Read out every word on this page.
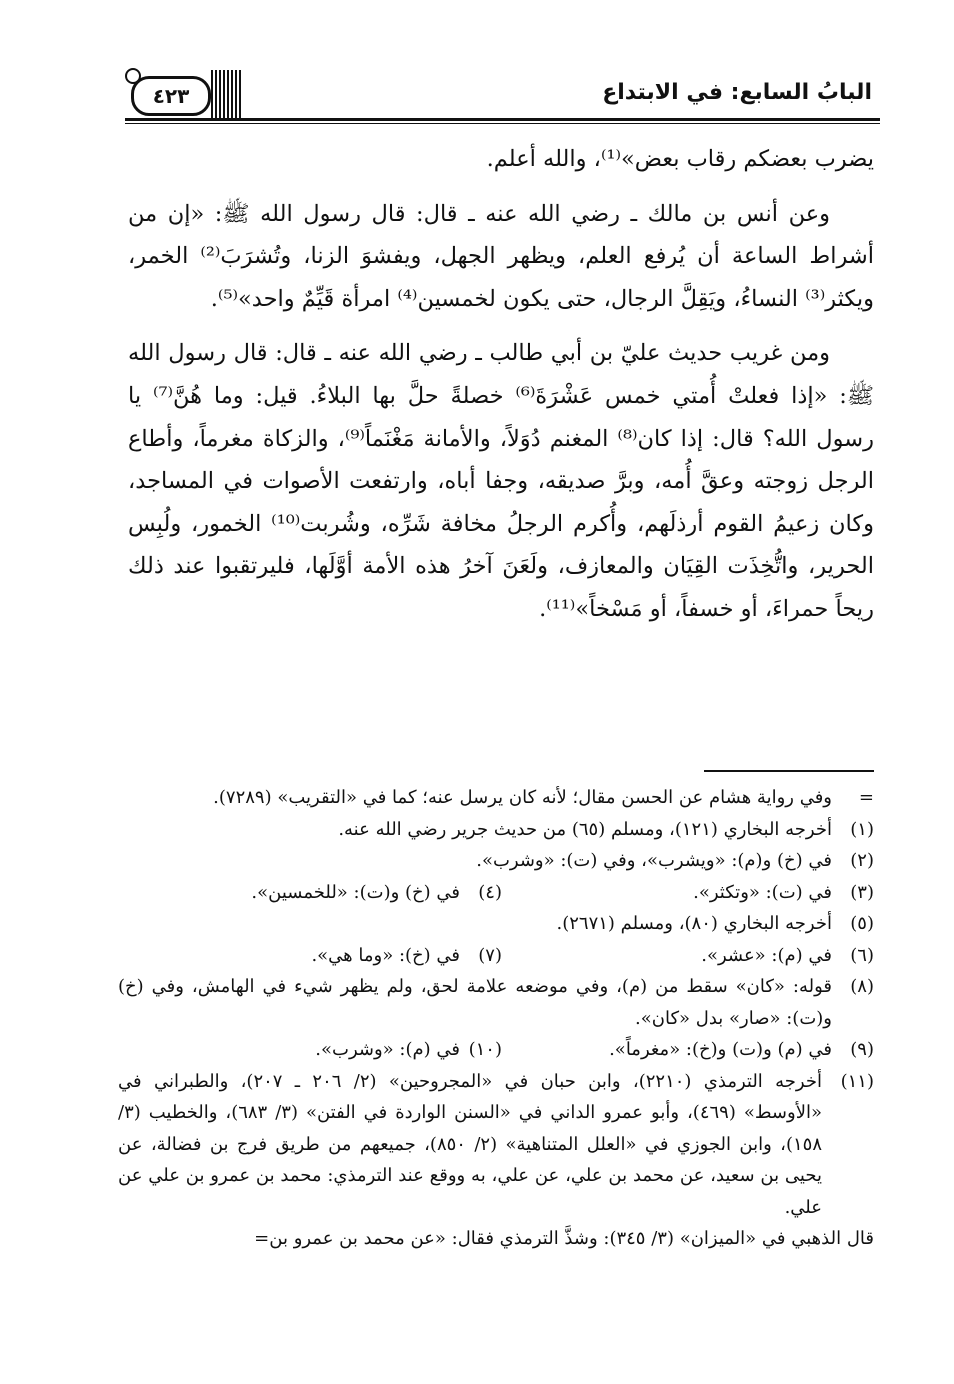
البابُ السابع: في الابتداع
٤٢٣

يضرب بعضكم رقاب بعض»⁽¹⁾، والله أعلم.

وعن أنس بن مالك ـ رضي الله عنه ـ قال: قال رسول الله ﷺ: «إن من أشراط الساعة أن يُرفع العلم، ويظهر الجهل، ويفشوَ الزنا، وتُشرَبَ⁽²⁾ الخمر، ويكثر⁽³⁾ النساءُ، ويَقِلَّ الرجال، حتى يكون لخمسين⁽⁴⁾ امرأة قَيِّمٌ واحد»⁽⁵⁾.

ومن غريب حديث عليّ بن أبي طالب ـ رضي الله عنه ـ قال: قال رسول الله ﷺ: «إذا فعلتْ أُمتي خمس عَشْرَةَ⁽⁶⁾ خصلةً حلَّ بها البلاءُ. قيل: وما هُنَّ⁽⁷⁾ يا رسول الله؟ قال: إذا كان⁽⁸⁾ المغنم دُوَلاً، والأمانة مَغْنَماً⁽⁹⁾، والزكاة مغرماً، وأطاع الرجل زوجته وعقَّ أُمه، وبرَّ صديقه، وجفا أباه، وارتفعت الأصوات في المساجد، وكان زعيمُ القوم أرذلَهم، وأُكرم الرجلُ مخافة شَرِّه، وشُربت⁽¹⁰⁾ الخمور، ولُبِس الحرير، واتُّخِذَت القِيَان والمعازف، ولَعَنَ آخرُ هذه الأمة أوَّلَها، فليرتقبوا عند ذلك ريحاً حمراءَ، أو خسفاً، أو مَسْخاً»⁽¹¹⁾.

=
وفي رواية هشام عن الحسن مقال؛ لأنه كان يرسل عنه؛ كما في «التقريب» (٧٢٨٩).
(١)
أخرجه البخاري (١٢١)، ومسلم (٦٥) من حديث جرير رضي الله عنه.
(٢)
في (خ) و(م): «ويشرب»، وفي (ت): «وشرب».
(٣)
في (ت): «وتكثر».
(٤)
في (خ) و(ت): «للخمسين».
(٥)
أخرجه البخاري (٨٠)، ومسلم (٢٦٧١).
(٦)
في (م): «عشر».
(٧)
في (خ): «وما هي».
(٨)
قوله: «كان» سقط من (م)، وفي موضعه علامة لحق، ولم يظهر شيء في الهامش، وفي (خ) و(ت): «صار» بدل «كان».
(٩)
في (م) و(ت) و(خ): «مغرماً».
(١٠)
في (م): «وشرب».
(١١)
أخرجه الترمذي (٢٢١٠)، وابن حبان في «المجروحين» (٢/ ٢٠٦ ـ ٢٠٧)، والطبراني في «الأوسط» (٤٦٩)، وأبو عمرو الداني في «السنن الواردة في الفتن» (٣/ ٦٨٣)، والخطيب (٣/ ١٥٨)، وابن الجوزي في «العلل المتناهية» (٢/ ٨٥٠)، جميعهم من طريق فرج بن فضالة، عن يحيى بن سعيد، عن محمد بن علي، عن علي، به ووقع عند الترمذي: محمد بن عمرو بن علي عن علي.
قال الذهبي في «الميزان» (٣/ ٣٤٥): وشذَّ الترمذي فقال: «عن محمد بن عمرو بن=
